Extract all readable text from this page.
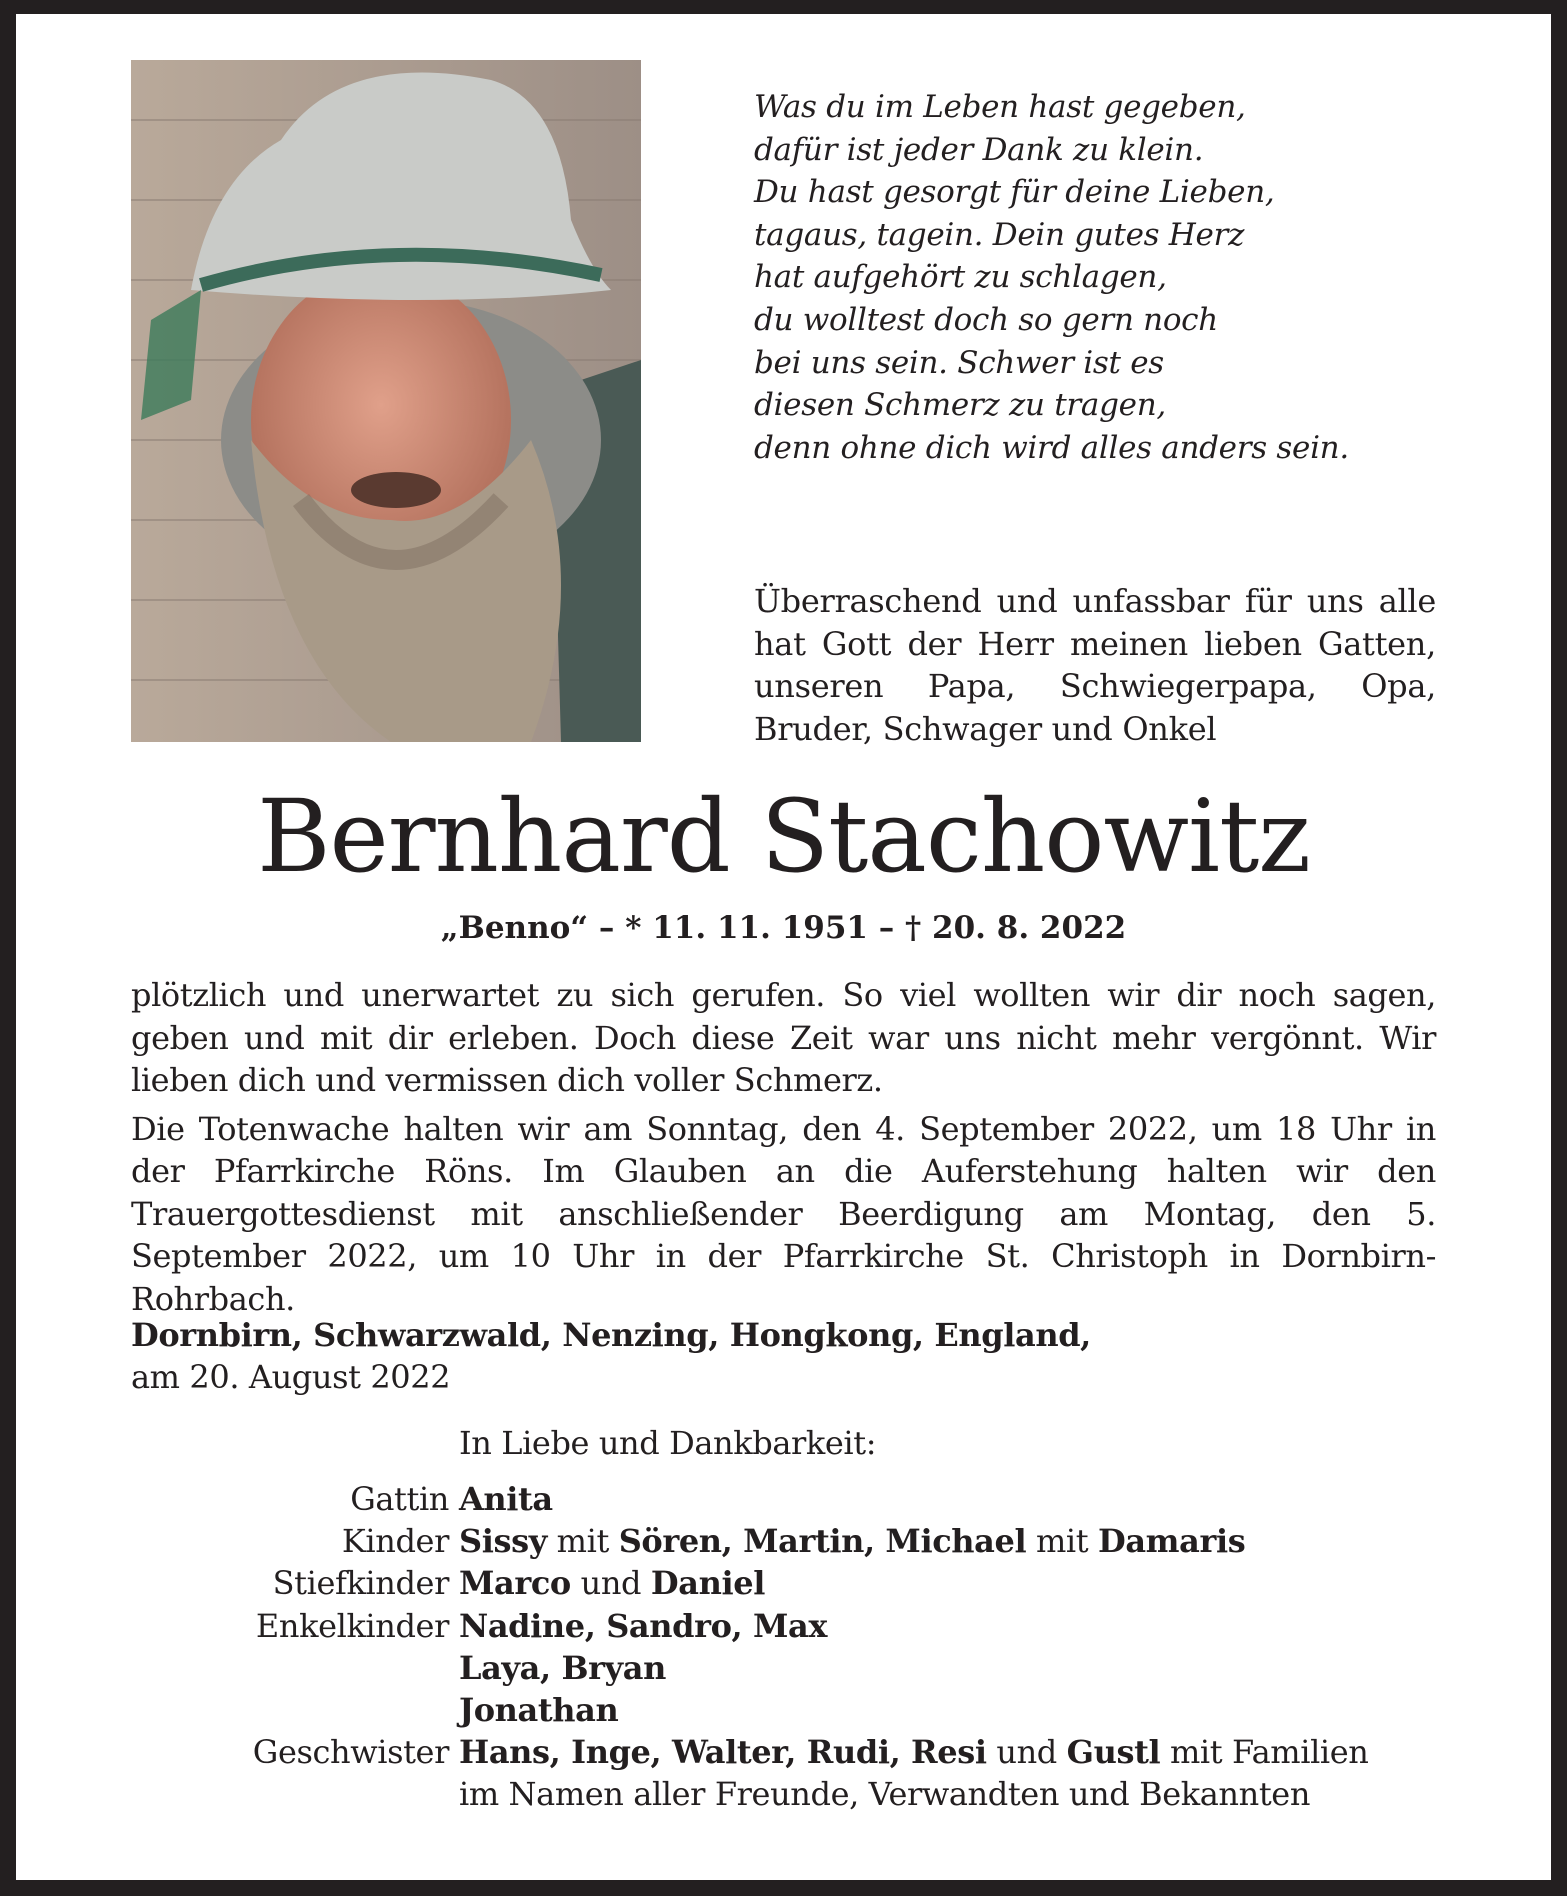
Was du im Leben hast gegeben,
dafür ist jeder Dank zu klein.
Du hast gesorgt für deine Lieben,
tagaus, tagein. Dein gutes Herz
hat aufgehört zu schlagen,
du wolltest doch so gern noch
bei uns sein. Schwer ist es
diesen Schmerz zu tragen,
denn ohne dich wird alles anders sein.
Überraschend und unfassbar für uns alle hat Gott der Herr meinen lieben Gatten, unseren Papa, Schwiegerpapa, Opa, Bruder, Schwager und Onkel
Bernhard Stachowitz
„Benno“ – * 11. 11. 1951 – † 20. 8. 2022

plötzlich und unerwartet zu sich gerufen. So viel wollten wir dir noch sagen, geben und mit dir erleben. Doch diese Zeit war uns nicht mehr vergönnt. Wir lieben dich und vermissen dich voller Schmerz.

Die Totenwache halten wir am Sonntag, den 4. September 2022, um 18 Uhr in der Pfarrkirche Röns. Im Glauben an die Auferstehung halten wir den Trauergottesdienst mit anschließender Beerdigung am Montag, den 5. September 2022, um 10 Uhr in der Pfarrkirche St. Christoph in Dornbirn-Rohrbach.

Dornbirn, Schwarzwald, Nenzing, Hongkong, England,
am 20. August 2022
In Liebe und Dankbarkeit:
Gattin Anita
Kinder Sissy mit Sören, Martin, Michael mit Damaris
Stiefkinder Marco und Daniel
Enkelkinder Nadine, Sandro, Max
Laya, Bryan
Jonathan
Geschwister Hans, Inge, Walter, Rudi, Resi und Gustl mit Familien
im Namen aller Freunde, Verwandten und Bekannten
